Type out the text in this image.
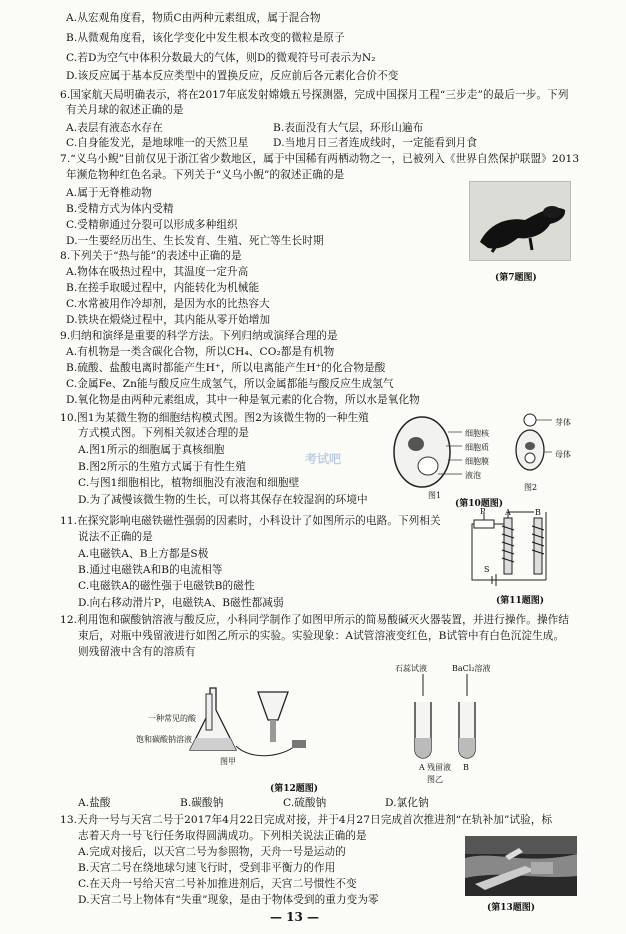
A.从宏观角度看，物质C由两种元素组成，属于混合物
B.从微观角度看，该化学变化中发生根本改变的微粒是原子
C.若D为空气中体积分数最大的气体，则D的微观符号可表示为N₂
D.该反应属于基本反应类型中的置换反应，反应前后各元素化合价不变
6.国家航天局明确表示，将在2017年底发射嫦娥五号探测器，完成中国探月工程“三步走”的最后一步。下列
有关月球的叙述正确的是
A.表层有液态水存在	B.表面没有大气层，环形山遍布
C.自身能发光，是地球唯一的天然卫星 D.当地月日三者连成线时，一定能看到月食
7.“义乌小鲵”目前仅见于浙江省少数地区，属于中国稀有两栖动物之一，已被列入《世界自然保护联盟》2013
年濒危物种红色名录。下列关于“义乌小鲵”的叙述正确的是
A.属于无脊椎动物
B.受精方式为体内受精
C.受精卵通过分裂可以形成多种组织
D.一生要经历出生、生长发育、生殖、死亡等生长时期
(第7题图)
8.下列关于“热与能”的表述中正确的是
A.物体在吸热过程中，其温度一定升高
B.在搓手取暖过程中，内能转化为机械能
C.水常被用作冷却剂，是因为水的比热容大
D.铁块在煅烧过程中，其内能从零开始增加
9.归纳和演绎是重要的科学方法。下列归纳或演绎合理的是
A.有机物是一类含碳化合物，所以CH₄、CO₂都是有机物
B.硫酸、盐酸电离时都能产生H⁺，所以电离能产生H⁺的化合物是酸
C.金属Fe、Zn能与酸反应生成氢气，所以金属都能与酸反应生成氢气
D.氧化物是由两种元素组成，其中一种是氧元素的化合物，所以水是氧化物
10.图1为某微生物的细胞结构模式图。图2为该微生物的一种生殖
方式模式图。下列相关叙述合理的是
A.图1所示的细胞属于真核细胞
B.图2所示的生殖方式属于有性生殖
C.与图1细胞相比，植物细胞没有液泡和细胞壁
D.为了减慢该微生物的生长，可以将其保存在较湿润的环境中	图1
图2
细胞核
细胞质
细胞膜
液泡
芽体
母体
考试吧
(第10题图)
11.在探究影响电磁铁磁性强弱的因素时，小科设计了如图所示的电路。下列相关
说法不正确的是
A.电磁铁A、B上方都是S极
B.通过电磁铁A和B的电流相等
C.电磁铁A的磁性强于电磁铁B的磁性
D.向右移动滑片P，电磁铁A、B磁性都减弱
P A	B
S
(第11题图)
12.利用饱和碳酸钠溶液与酸反应，小科同学制作了如图甲所示的简易酸碱灭火器装置，并进行操作。操作结
束后，对瓶中残留液进行如图乙所示的实验。实验现象：A试管溶液变红色，B试管中有白色沉淀生成。
则残留液中含有的溶质有
图甲
一种常见的酸
饱和碳酸钠溶液
A	B
石蕊试液	BaCl₂溶液
残留液
图乙
(第12题图)
A.盐酸	B.碳酸钠	C.硫酸钠	D.氯化钠
13.天舟一号与天宫二号于2017年4月22日完成对接，并于4月27日完成首次推进剂“在轨补加”试验，标
志着天舟一号飞行任务取得圆满成功。下列相关说法正确的是
A.完成对接后，以天宫二号为参照物，天舟一号是运动的
B.天宫二号在绕地球匀速飞行时，受到非平衡力的作用
C.在天舟一号给天宫二号补加推进剂后，天宫二号惯性不变
D.天宫二号上物体有“失重”现象，是由于物体受到的重力变为零
(第13题图)
— 13 —
